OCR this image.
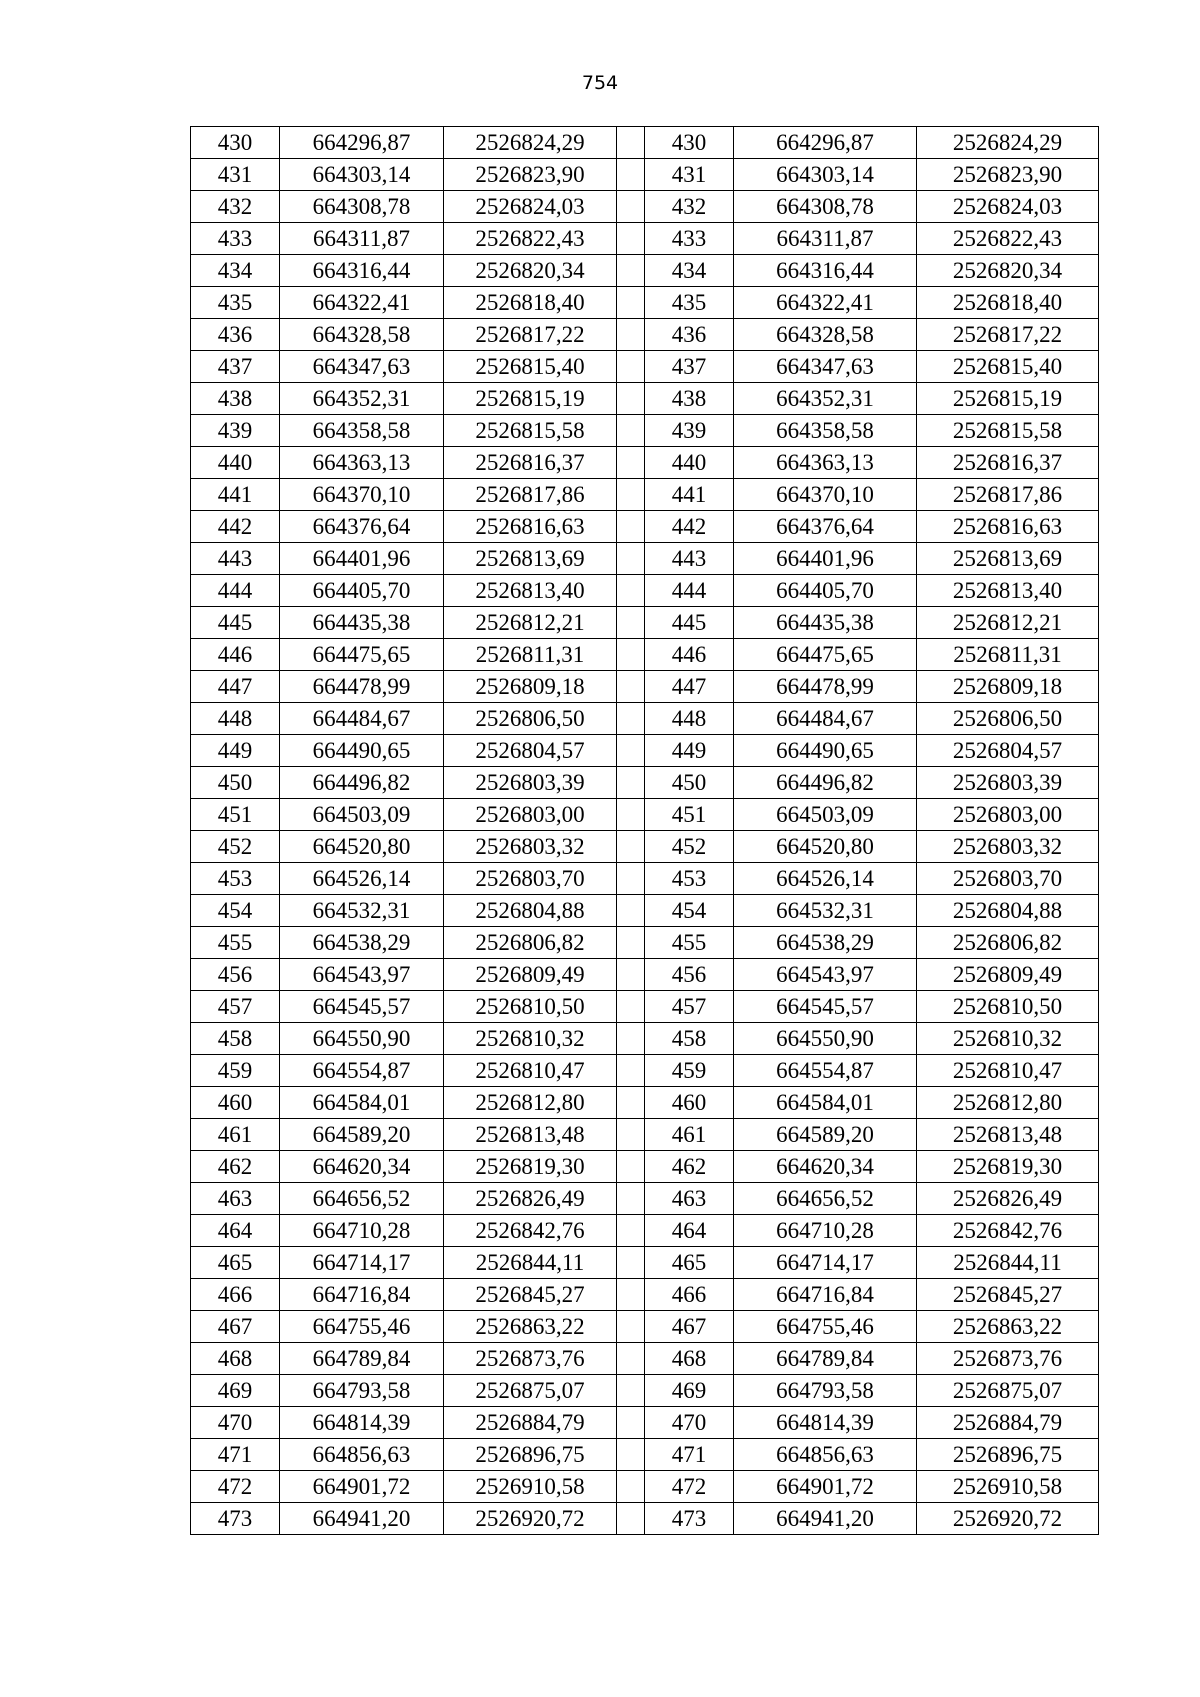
754
430	664296,87	2526824,29		430	664296,87	2526824,29
431	664303,14	2526823,90		431	664303,14	2526823,90
432	664308,78	2526824,03		432	664308,78	2526824,03
433	664311,87	2526822,43		433	664311,87	2526822,43
434	664316,44	2526820,34		434	664316,44	2526820,34
435	664322,41	2526818,40		435	664322,41	2526818,40
436	664328,58	2526817,22		436	664328,58	2526817,22
437	664347,63	2526815,40		437	664347,63	2526815,40
438	664352,31	2526815,19		438	664352,31	2526815,19
439	664358,58	2526815,58		439	664358,58	2526815,58
440	664363,13	2526816,37		440	664363,13	2526816,37
441	664370,10	2526817,86		441	664370,10	2526817,86
442	664376,64	2526816,63		442	664376,64	2526816,63
443	664401,96	2526813,69		443	664401,96	2526813,69
444	664405,70	2526813,40		444	664405,70	2526813,40
445	664435,38	2526812,21		445	664435,38	2526812,21
446	664475,65	2526811,31		446	664475,65	2526811,31
447	664478,99	2526809,18		447	664478,99	2526809,18
448	664484,67	2526806,50		448	664484,67	2526806,50
449	664490,65	2526804,57		449	664490,65	2526804,57
450	664496,82	2526803,39		450	664496,82	2526803,39
451	664503,09	2526803,00		451	664503,09	2526803,00
452	664520,80	2526803,32		452	664520,80	2526803,32
453	664526,14	2526803,70		453	664526,14	2526803,70
454	664532,31	2526804,88		454	664532,31	2526804,88
455	664538,29	2526806,82		455	664538,29	2526806,82
456	664543,97	2526809,49		456	664543,97	2526809,49
457	664545,57	2526810,50		457	664545,57	2526810,50
458	664550,90	2526810,32		458	664550,90	2526810,32
459	664554,87	2526810,47		459	664554,87	2526810,47
460	664584,01	2526812,80		460	664584,01	2526812,80
461	664589,20	2526813,48		461	664589,20	2526813,48
462	664620,34	2526819,30		462	664620,34	2526819,30
463	664656,52	2526826,49		463	664656,52	2526826,49
464	664710,28	2526842,76		464	664710,28	2526842,76
465	664714,17	2526844,11		465	664714,17	2526844,11
466	664716,84	2526845,27		466	664716,84	2526845,27
467	664755,46	2526863,22		467	664755,46	2526863,22
468	664789,84	2526873,76		468	664789,84	2526873,76
469	664793,58	2526875,07		469	664793,58	2526875,07
470	664814,39	2526884,79		470	664814,39	2526884,79
471	664856,63	2526896,75		471	664856,63	2526896,75
472	664901,72	2526910,58		472	664901,72	2526910,58
473	664941,20	2526920,72		473	664941,20	2526920,72
